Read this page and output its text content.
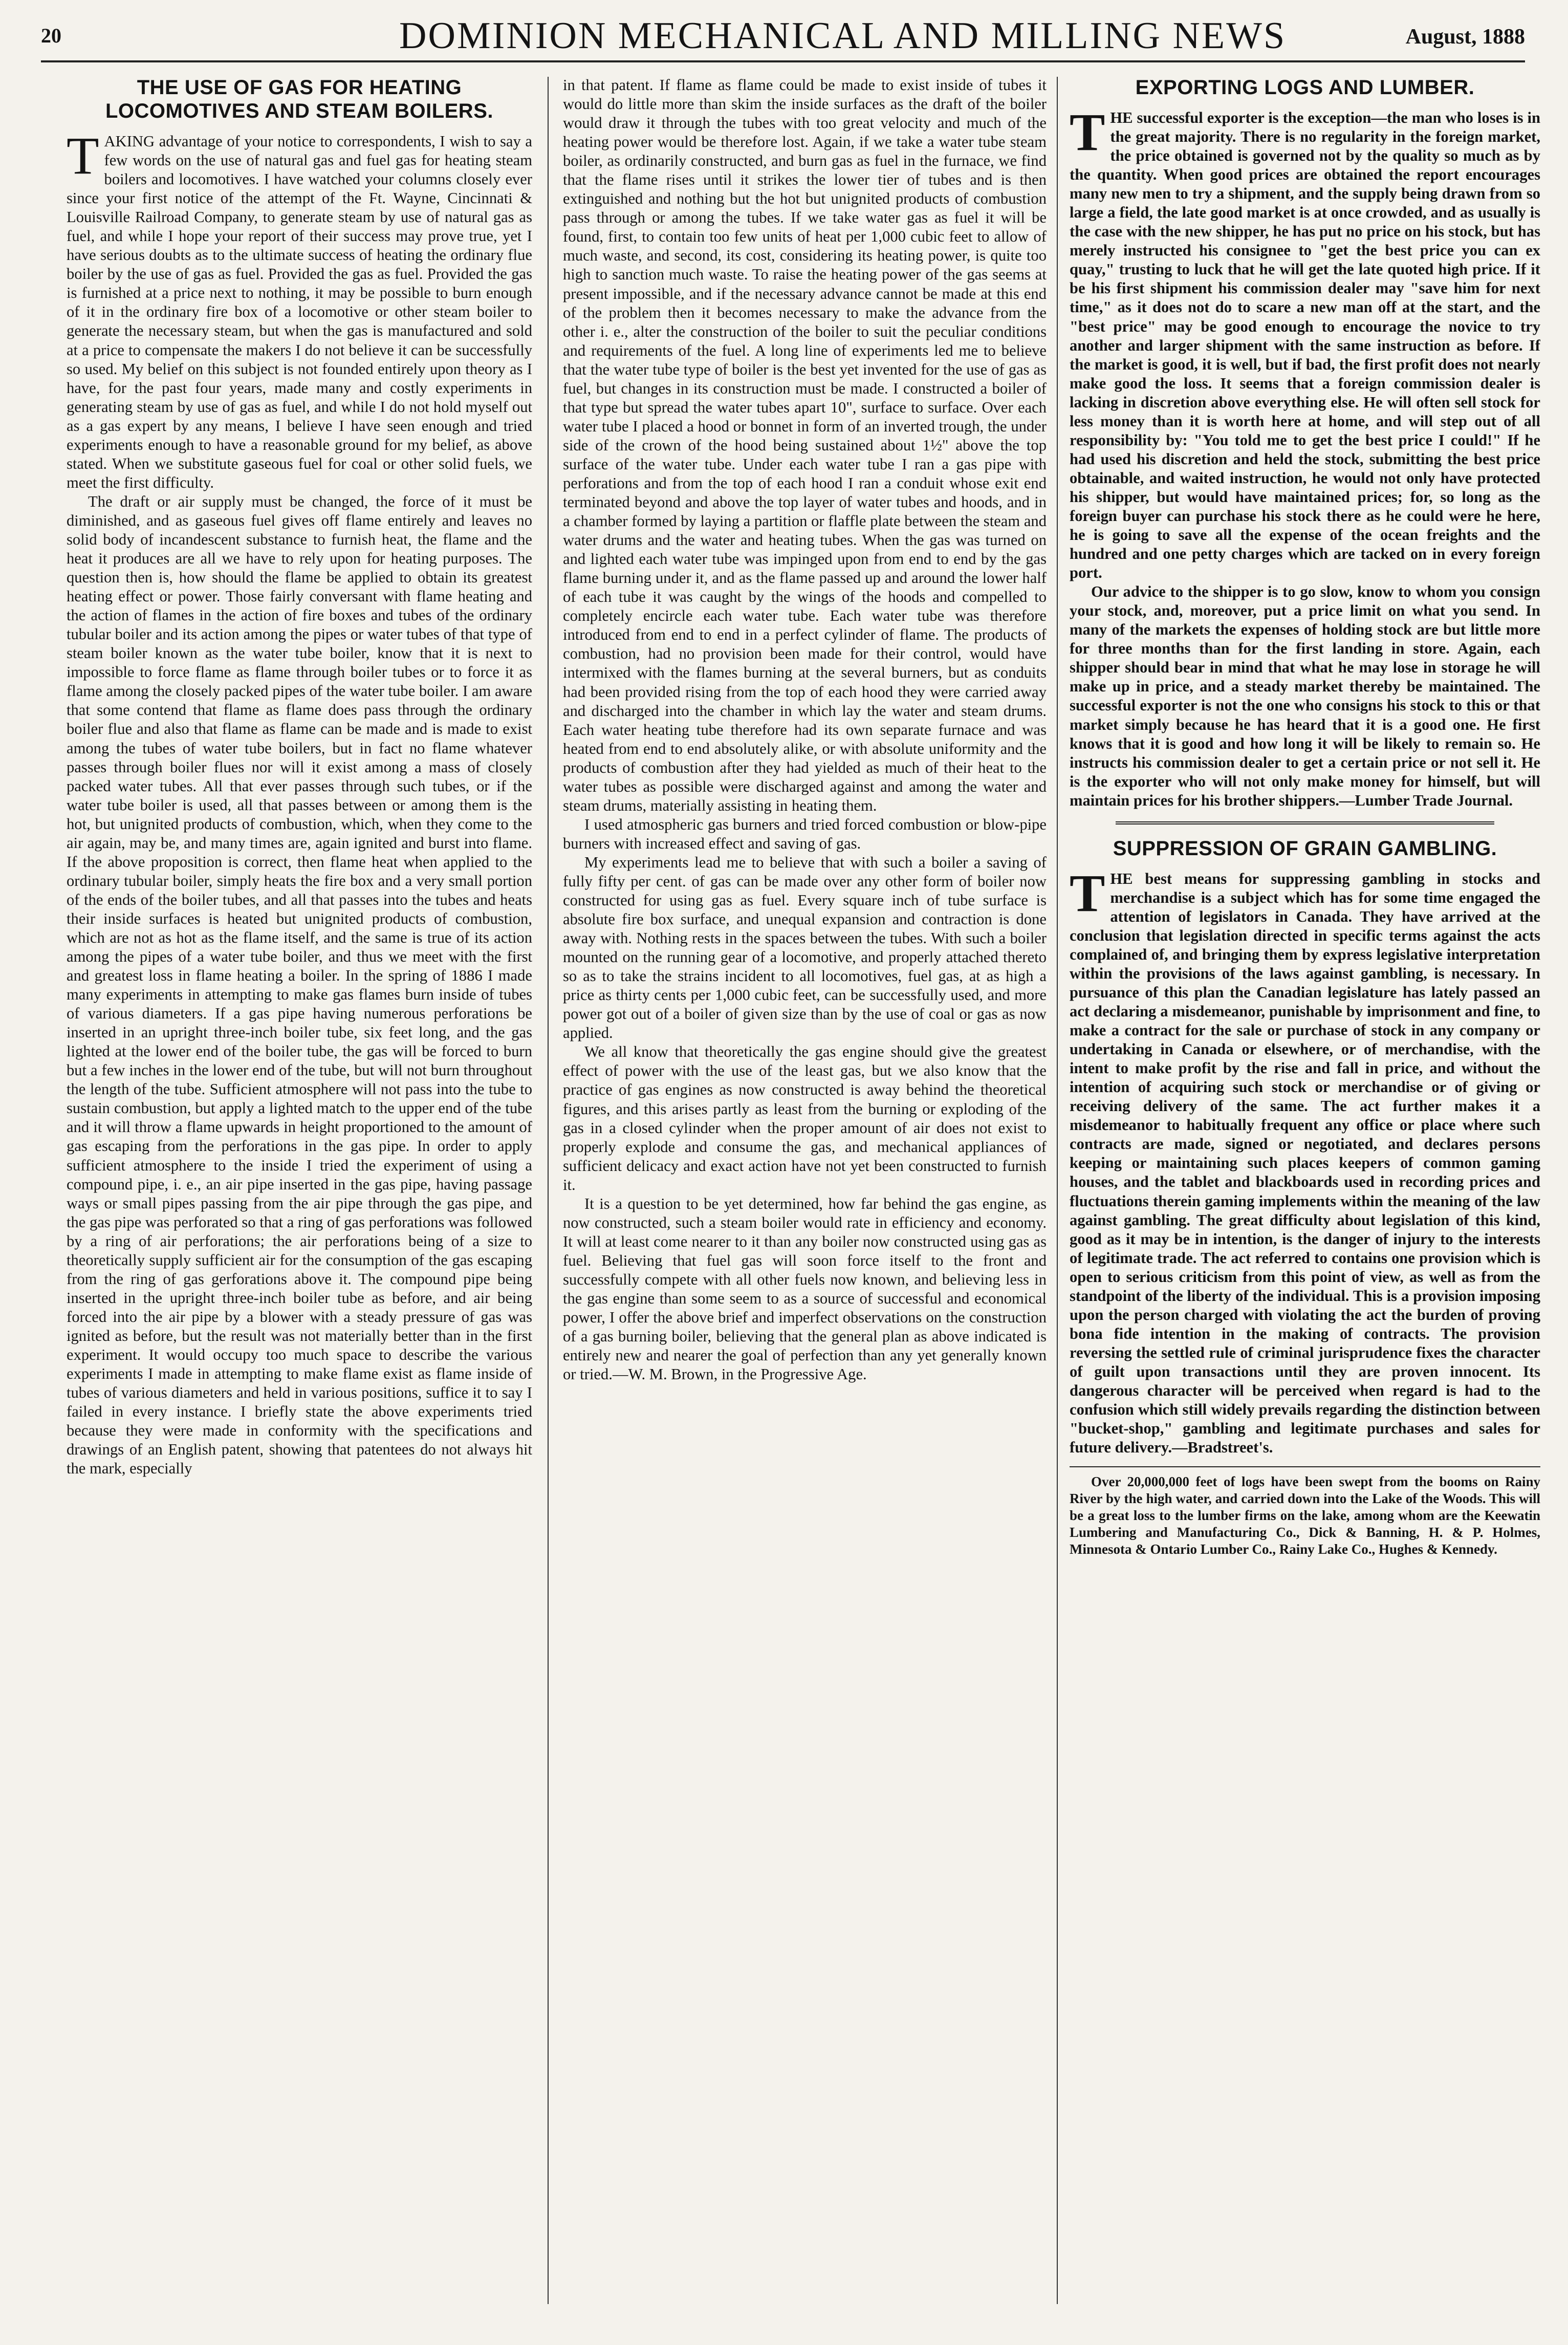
20	DOMINION MECHANICAL AND MILLING NEWS	August, 1888
THE USE OF GAS FOR HEATING LOCOMOTIVES AND STEAM BOILERS.

TAKING advantage of your notice to correspondents, I wish to say a few words on the use of natural gas and fuel gas for heating steam boilers and locomotives. I have watched your columns closely ever since your first notice of the attempt of the Ft. Wayne, Cincinnati & Louisville Railroad Company, to generate steam by use of natural gas as fuel, and while I hope your report of their success may prove true, yet I have serious doubts as to the ultimate success of heating the ordinary flue boiler by the use of gas as fuel. Provided the gas as fuel. Provided the gas is furnished at a price next to nothing, it may be possible to burn enough of it in the ordinary fire box of a locomotive or other steam boiler to generate the necessary steam, but when the gas is manufactured and sold at a price to compensate the makers I do not believe it can be successfully so used. My belief on this subject is not founded entirely upon theory as I have, for the past four years, made many and costly experiments in generating steam by use of gas as fuel, and while I do not hold myself out as a gas expert by any means, I believe I have seen enough and tried experiments enough to have a reasonable ground for my belief, as above stated. When we substitute gaseous fuel for coal or other solid fuels, we meet the first difficulty.

The draft or air supply must be changed, the force of it must be diminished, and as gaseous fuel gives off flame entirely and leaves no solid body of incandescent substance to furnish heat, the flame and the heat it produces are all we have to rely upon for heating purposes. The question then is, how should the flame be applied to obtain its greatest heating effect or power. Those fairly conversant with flame heating and the action of flames in the action of fire boxes and tubes of the ordinary tubular boiler and its action among the pipes or water tubes of that type of steam boiler known as the water tube boiler, know that it is next to impossible to force flame as flame through boiler tubes or to force it as flame among the closely packed pipes of the water tube boiler. I am aware that some contend that flame as flame does pass through the ordinary boiler flue and also that flame as flame can be made and is made to exist among the tubes of water tube boilers, but in fact no flame whatever passes through boiler flues nor will it exist among a mass of closely packed water tubes. All that ever passes through such tubes, or if the water tube boiler is used, all that passes between or among them is the hot, but unignited products of combustion, which, when they come to the air again, may be, and many times are, again ignited and burst into flame. If the above proposition is correct, then flame heat when applied to the ordinary tubular boiler, simply heats the fire box and a very small portion of the ends of the boiler tubes, and all that passes into the tubes and heats their inside surfaces is heated but unignited products of combustion, which are not as hot as the flame itself, and the same is true of its action among the pipes of a water tube boiler, and thus we meet with the first and greatest loss in flame heating a boiler. In the spring of 1886 I made many experiments in attempting to make gas flames burn inside of tubes of various diameters. If a gas pipe having numerous perforations be inserted in an upright three-inch boiler tube, six feet long, and the gas lighted at the lower end of the boiler tube, the gas will be forced to burn but a few inches in the lower end of the tube, but will not burn throughout the length of the tube. Sufficient atmosphere will not pass into the tube to sustain combustion, but apply a lighted match to the upper end of the tube and it will throw a flame upwards in height proportioned to the amount of gas escaping from the perforations in the gas pipe. In order to apply sufficient atmosphere to the inside I tried the experiment of using a compound pipe, i. e., an air pipe inserted in the gas pipe, having passage ways or small pipes passing from the air pipe through the gas pipe, and the gas pipe was perforated so that a ring of gas perforations was followed by a ring of air perforations; the air perforations being of a size to theoretically supply sufficient air for the consumption of the gas escaping from the ring of gas gerforations above it. The compound pipe being inserted in the upright three-inch boiler tube as before, and air being forced into the air pipe by a blower with a steady pressure of gas was ignited as before, but the result was not materially better than in the first experiment. It would occupy too much space to describe the various experiments I made in attempting to make flame exist as flame inside of tubes of various diameters and held in various positions, suffice it to say I failed in every instance. I briefly state the above experiments tried because they were made in conformity with the specifications and drawings of an English patent, showing that patentees do not always hit the mark, especially

in that patent. If flame as flame could be made to exist inside of tubes it would do little more than skim the inside surfaces as the draft of the boiler would draw it through the tubes with too great velocity and much of the heating power would be therefore lost. Again, if we take a water tube steam boiler, as ordinarily constructed, and burn gas as fuel in the furnace, we find that the flame rises until it strikes the lower tier of tubes and is then extinguished and nothing but the hot but unignited products of combustion pass through or among the tubes. If we take water gas as fuel it will be found, first, to contain too few units of heat per 1,000 cubic feet to allow of much waste, and second, its cost, considering its heating power, is quite too high to sanction much waste. To raise the heating power of the gas seems at present impossible, and if the necessary advance cannot be made at this end of the problem then it becomes necessary to make the advance from the other i. e., alter the construction of the boiler to suit the peculiar conditions and requirements of the fuel. A long line of experiments led me to believe that the water tube type of boiler is the best yet invented for the use of gas as fuel, but changes in its construction must be made. I constructed a boiler of that type but spread the water tubes apart 10", surface to surface. Over each water tube I placed a hood or bonnet in form of an inverted trough, the under side of the crown of the hood being sustained about 1½" above the top surface of the water tube. Under each water tube I ran a gas pipe with perforations and from the top of each hood I ran a conduit whose exit end terminated beyond and above the top layer of water tubes and hoods, and in a chamber formed by laying a partition or flaffle plate between the steam and water drums and the water and heating tubes. When the gas was turned on and lighted each water tube was impinged upon from end to end by the gas flame burning under it, and as the flame passed up and around the lower half of each tube it was caught by the wings of the hoods and compelled to completely encircle each water tube. Each water tube was therefore introduced from end to end in a perfect cylinder of flame. The products of combustion, had no provision been made for their control, would have intermixed with the flames burning at the several burners, but as conduits had been provided rising from the top of each hood they were carried away and discharged into the chamber in which lay the water and steam drums. Each water heating tube therefore had its own separate furnace and was heated from end to end absolutely alike, or with absolute uniformity and the products of combustion after they had yielded as much of their heat to the water tubes as possible were discharged against and among the water and steam drums, materially assisting in heating them.

I used atmospheric gas burners and tried forced combustion or blow-pipe burners with increased effect and saving of gas.

My experiments lead me to believe that with such a boiler a saving of fully fifty per cent. of gas can be made over any other form of boiler now constructed for using gas as fuel. Every square inch of tube surface is absolute fire box surface, and unequal expansion and contraction is done away with. Nothing rests in the spaces between the tubes. With such a boiler mounted on the running gear of a locomotive, and properly attached thereto so as to take the strains incident to all locomotives, fuel gas, at as high a price as thirty cents per 1,000 cubic feet, can be successfully used, and more power got out of a boiler of given size than by the use of coal or gas as now applied.

We all know that theoretically the gas engine should give the greatest effect of power with the use of the least gas, but we also know that the practice of gas engines as now constructed is away behind the theoretical figures, and this arises partly as least from the burning or exploding of the gas in a closed cylinder when the proper amount of air does not exist to properly explode and consume the gas, and mechanical appliances of sufficient delicacy and exact action have not yet been constructed to furnish it.

It is a question to be yet determined, how far behind the gas engine, as now constructed, such a steam boiler would rate in efficiency and economy. It will at least come nearer to it than any boiler now constructed using gas as fuel. Believing that fuel gas will soon force itself to the front and successfully compete with all other fuels now known, and believing less in the gas engine than some seem to as a source of successful and economical power, I offer the above brief and imperfect observations on the construction of a gas burning boiler, believing that the general plan as above indicated is entirely new and nearer the goal of perfection than any yet generally known or tried.—W. M. Brown, in the Progressive Age.

EXPORTING LOGS AND LUMBER.

THE successful exporter is the exception—the man who loses is in the great majority. There is no regularity in the foreign market, the price obtained is governed not by the quality so much as by the quantity. When good prices are obtained the report encourages many new men to try a shipment, and the supply being drawn from so large a field, the late good market is at once crowded, and as usually is the case with the new shipper, he has put no price on his stock, but has merely instructed his consignee to "get the best price you can ex quay," trusting to luck that he will get the late quoted high price. If it be his first shipment his commission dealer may "save him for next time," as it does not do to scare a new man off at the start, and the "best price" may be good enough to encourage the novice to try another and larger shipment with the same instruction as before. If the market is good, it is well, but if bad, the first profit does not nearly make good the loss. It seems that a foreign commission dealer is lacking in discretion above everything else. He will often sell stock for less money than it is worth here at home, and will step out of all responsibility by: "You told me to get the best price I could!" If he had used his discretion and held the stock, submitting the best price obtainable, and waited instruction, he would not only have protected his shipper, but would have maintained prices; for, so long as the foreign buyer can purchase his stock there as he could were he here, he is going to save all the expense of the ocean freights and the hundred and one petty charges which are tacked on in every foreign port.

Our advice to the shipper is to go slow, know to whom you consign your stock, and, moreover, put a price limit on what you send. In many of the markets the expenses of holding stock are but little more for three months than for the first landing in store. Again, each shipper should bear in mind that what he may lose in storage he will make up in price, and a steady market thereby be maintained. The successful exporter is not the one who consigns his stock to this or that market simply because he has heard that it is a good one. He first knows that it is good and how long it will be likely to remain so. He instructs his commission dealer to get a certain price or not sell it. He is the exporter who will not only make money for himself, but will maintain prices for his brother shippers.—Lumber Trade Journal.

SUPPRESSION OF GRAIN GAMBLING.

THE best means for suppressing gambling in stocks and merchandise is a subject which has for some time engaged the attention of legislators in Canada. They have arrived at the conclusion that legislation directed in specific terms against the acts complained of, and bringing them by express legislative interpretation within the provisions of the laws against gambling, is necessary. In pursuance of this plan the Canadian legislature has lately passed an act declaring a misdemeanor, punishable by imprisonment and fine, to make a contract for the sale or purchase of stock in any company or undertaking in Canada or elsewhere, or of merchandise, with the intent to make profit by the rise and fall in price, and without the intention of acquiring such stock or merchandise or of giving or receiving delivery of the same. The act further makes it a misdemeanor to habitually frequent any office or place where such contracts are made, signed or negotiated, and declares persons keeping or maintaining such places keepers of common gaming houses, and the tablet and blackboards used in recording prices and fluctuations therein gaming implements within the meaning of the law against gambling. The great difficulty about legislation of this kind, good as it may be in intention, is the danger of injury to the interests of legitimate trade. The act referred to contains one provision which is open to serious criticism from this point of view, as well as from the standpoint of the liberty of the individual. This is a provision imposing upon the person charged with violating the act the burden of proving bona fide intention in the making of contracts. The provision reversing the settled rule of criminal jurisprudence fixes the character of guilt upon transactions until they are proven innocent. Its dangerous character will be perceived when regard is had to the confusion which still widely prevails regarding the distinction between "bucket-shop," gambling and legitimate purchases and sales for future delivery.—Bradstreet's.

Over 20,000,000 feet of logs have been swept from the booms on Rainy River by the high water, and carried down into the Lake of the Woods. This will be a great loss to the lumber firms on the lake, among whom are the Keewatin Lumbering and Manufacturing Co., Dick & Banning, H. & P. Holmes, Minnesota & Ontario Lumber Co., Rainy Lake Co., Hughes & Kennedy.
